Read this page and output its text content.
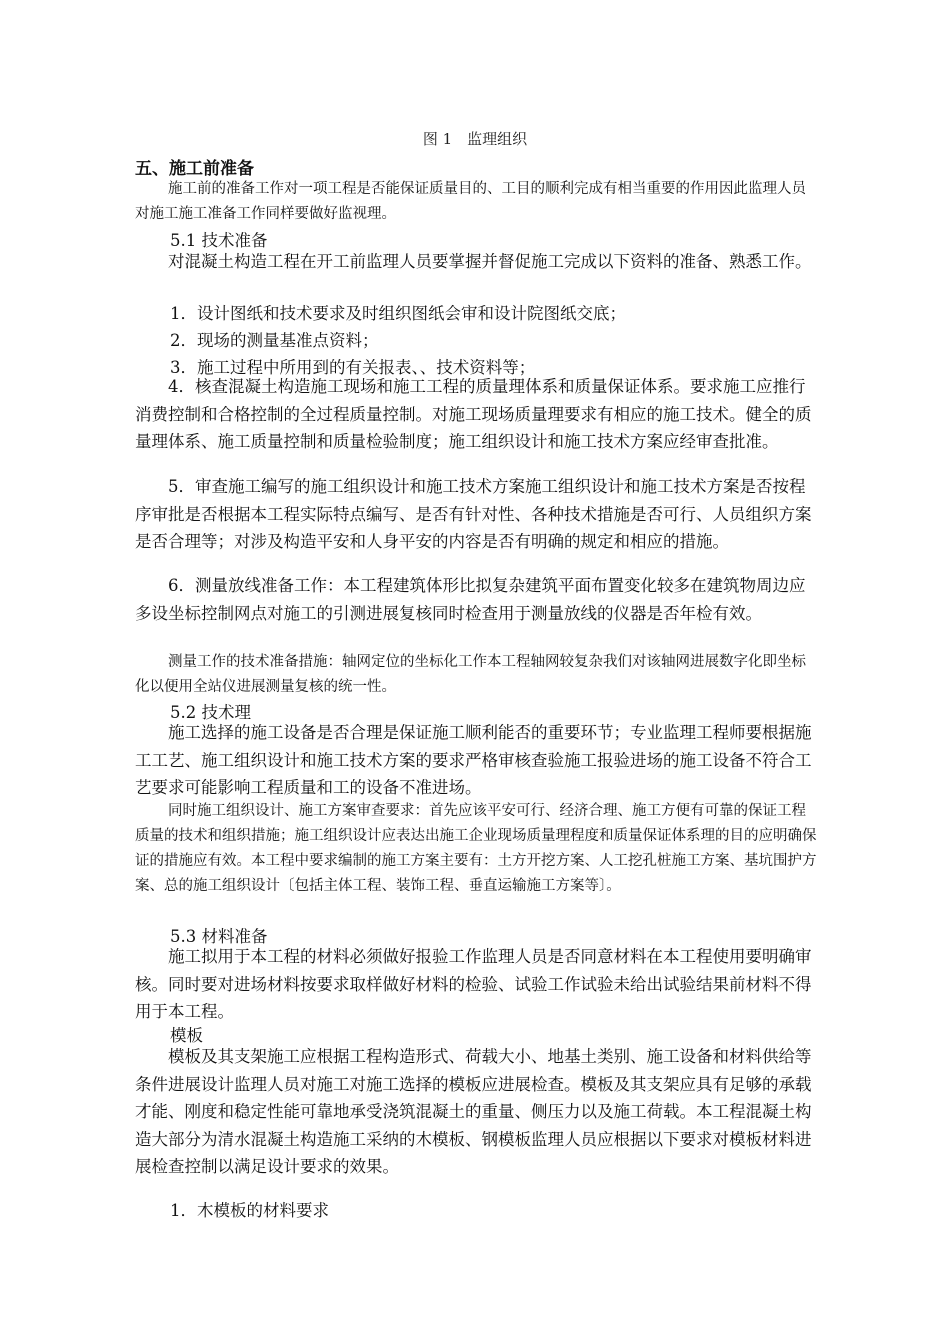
图 1　监理组织
五、施工前准备

施工前的准备工作对一项工程是否能保证质量目的、工目的顺利完成有相当重要的作用因此监理人员对施工施工准备工作同样要做好监视理。

5.1 技术准备

对混凝土构造工程在开工前监理人员要掌握并督促施工完成以下资料的准备、熟悉工作。

1．设计图纸和技术要求及时组织图纸会审和设计院图纸交底；
2．现场的测量基准点资料；
3．施工过程中所用到的有关报表、、技术资料等；

4．核查混凝土构造施工现场和施工工程的质量理体系和质量保证体系。要求施工应推行消费控制和合格控制的全过程质量控制。对施工现场质量理要求有相应的施工技术。健全的质量理体系、施工质量控制和质量检验制度；施工组织设计和施工技术方案应经审查批准。

5．审查施工编写的施工组织设计和施工技术方案施工组织设计和施工技术方案是否按程序审批是否根据本工程实际特点编写、是否有针对性、各种技术措施是否可行、人员组织方案是否合理等；对涉及构造平安和人身平安的内容是否有明确的规定和相应的措施。

6．测量放线准备工作：本工程建筑体形比拟复杂建筑平面布置变化较多在建筑物周边应多设坐标控制网点对施工的引测进展复核同时检查用于测量放线的仪器是否年检有效。

测量工作的技术准备措施：轴网定位的坐标化工作本工程轴网较复杂我们对该轴网进展数字化即坐标化以便用全站仪进展测量复核的统一性。

5.2 技术理

施工选择的施工设备是否合理是保证施工顺利能否的重要环节；专业监理工程师要根据施工工艺、施工组织设计和施工技术方案的要求严格审核查验施工报验进场的施工设备不符合工艺要求可能影响工程质量和工的设备不准进场。

同时施工组织设计、施工方案审查要求：首先应该平安可行、经济合理、施工方便有可靠的保证工程质量的技术和组织措施；施工组织设计应表达出施工企业现场质量理程度和质量保证体系理的目的应明确保证的措施应有效。本工程中要求编制的施工方案主要有：土方开挖方案、人工挖孔桩施工方案、基坑围护方案、总的施工组织设计〔包括主体工程、装饰工程、垂直运输施工方案等〕。

5.3 材料准备

施工拟用于本工程的材料必须做好报验工作监理人员是否同意材料在本工程使用要明确审核。同时要对进场材料按要求取样做好材料的检验、试验工作试验未给出试验结果前材料不得用于本工程。

模板

模板及其支架施工应根据工程构造形式、荷载大小、地基土类别、施工设备和材料供给等条件进展设计监理人员对施工对施工选择的模板应进展检查。模板及其支架应具有足够的承载才能、刚度和稳定性能可靠地承受浇筑混凝土的重量、侧压力以及施工荷载。本工程混凝土构造大部分为清水混凝土构造施工采纳的木模板、钢模板监理人员应根据以下要求对模板材料进展检查控制以满足设计要求的效果。

1．木模板的材料要求
